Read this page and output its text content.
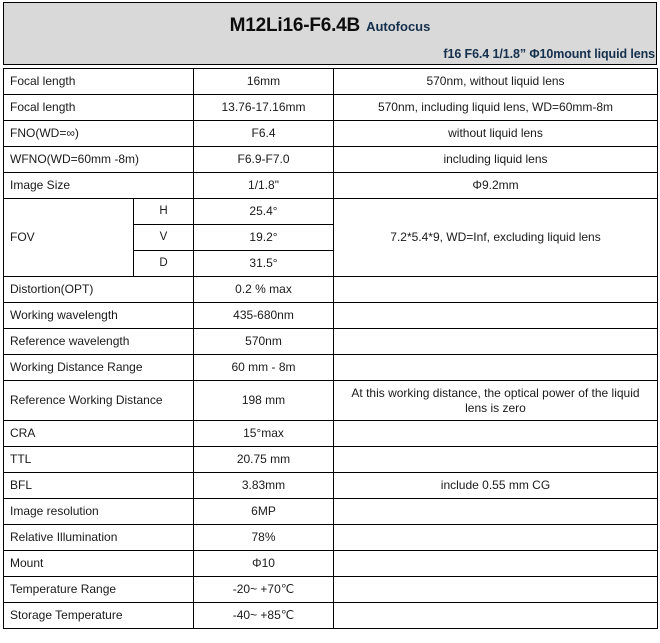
M12Li16-F6.4B Autofocus
f16 F6.4 1/1.8” Φ10mount liquid lens
Focal length		16mm	570nm, without liquid lens
Focal length		13.76-17.16mm	570nm, including liquid lens, WD=60mm-8m
FNO(WD=∞)		F6.4	without liquid lens
WFNO(WD=60mm -8m)		F6.9-F7.0	including liquid lens
Image Size		1/1.8"	Φ9.2mm
FOV	H	25.4°	7.2*5.4*9, WD=Inf, excluding liquid lens
	V	19.2°	
	D	31.5°	
Distortion(OPT)		0.2 % max	
Working wavelength		435-680nm	
Reference wavelength		570nm	
Working Distance Range		60 mm - 8m	
Reference Working Distance		198 mm	At this working distance, the optical power of the liquid lens is zero
CRA		15°max	
TTL		20.75 mm	
BFL		3.83mm	include 0.55 mm CG
Image resolution		6MP	
Relative Illumination		78%	
Mount		Φ10	
Temperature Range		-20~ +70℃	
Storage Temperature		-40~ +85℃	
